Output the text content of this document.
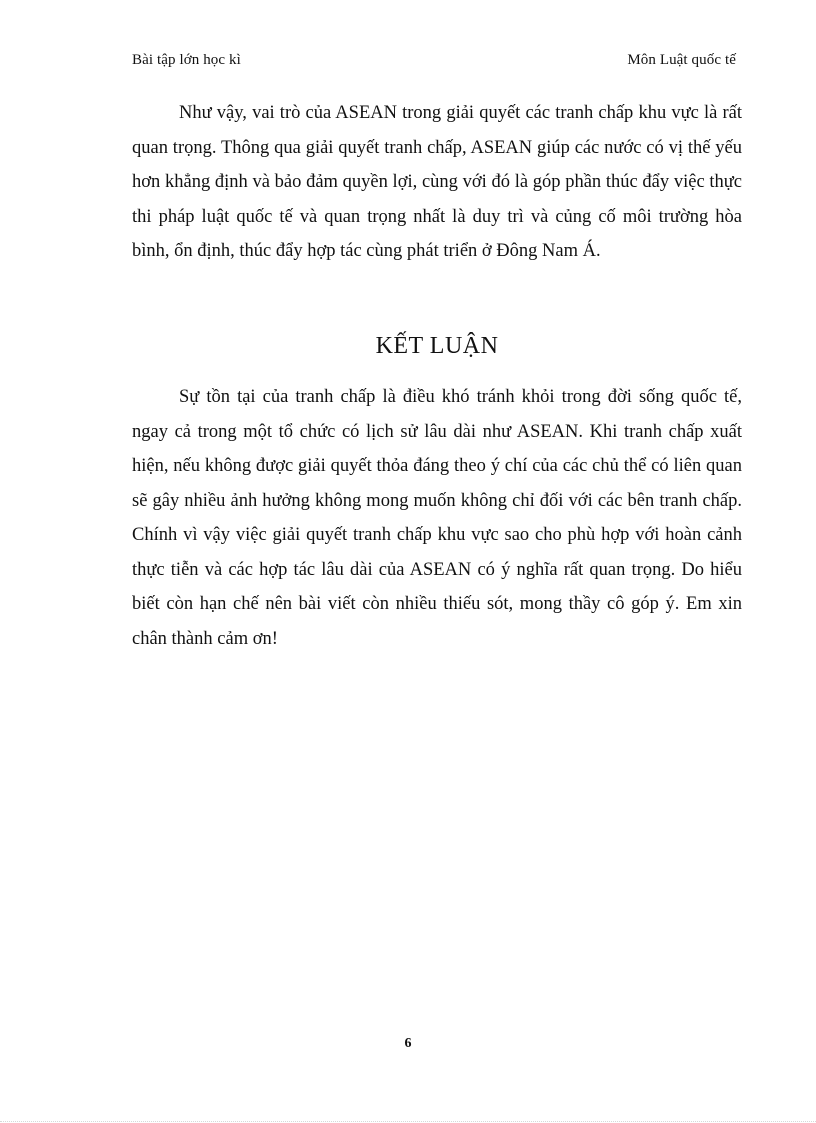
Bài tập lớn học kì	Môn Luật quốc tế

Như vậy, vai trò của ASEAN trong giải quyết các tranh chấp khu vực là rất quan trọng. Thông qua giải quyết tranh chấp, ASEAN giúp các nước có vị thế yếu hơn khẳng định và bảo đảm quyền lợi, cùng với đó là góp phần thúc đẩy việc thực thi pháp luật quốc tế và quan trọng nhất là duy trì và củng cố môi trường hòa bình, ổn định, thúc đẩy hợp tác cùng phát triển ở Đông Nam Á.

KẾT LUẬN

Sự tồn tại của tranh chấp là điều khó tránh khỏi trong đời sống quốc tế, ngay cả trong một tổ chức có lịch sử lâu dài như ASEAN. Khi tranh chấp xuất hiện, nếu không được giải quyết thỏa đáng theo ý chí của các chủ thể có liên quan sẽ gây nhiều ảnh hưởng không mong muốn không chỉ đối với các bên tranh chấp. Chính vì vậy việc giải quyết tranh chấp khu vực sao cho phù hợp với hoàn cảnh thực tiễn và các hợp tác lâu dài của ASEAN có ý nghĩa rất quan trọng. Do hiểu biết còn hạn chế nên bài viết còn nhiều thiếu sót, mong thầy cô góp ý. Em xin chân thành cảm ơn!

6
